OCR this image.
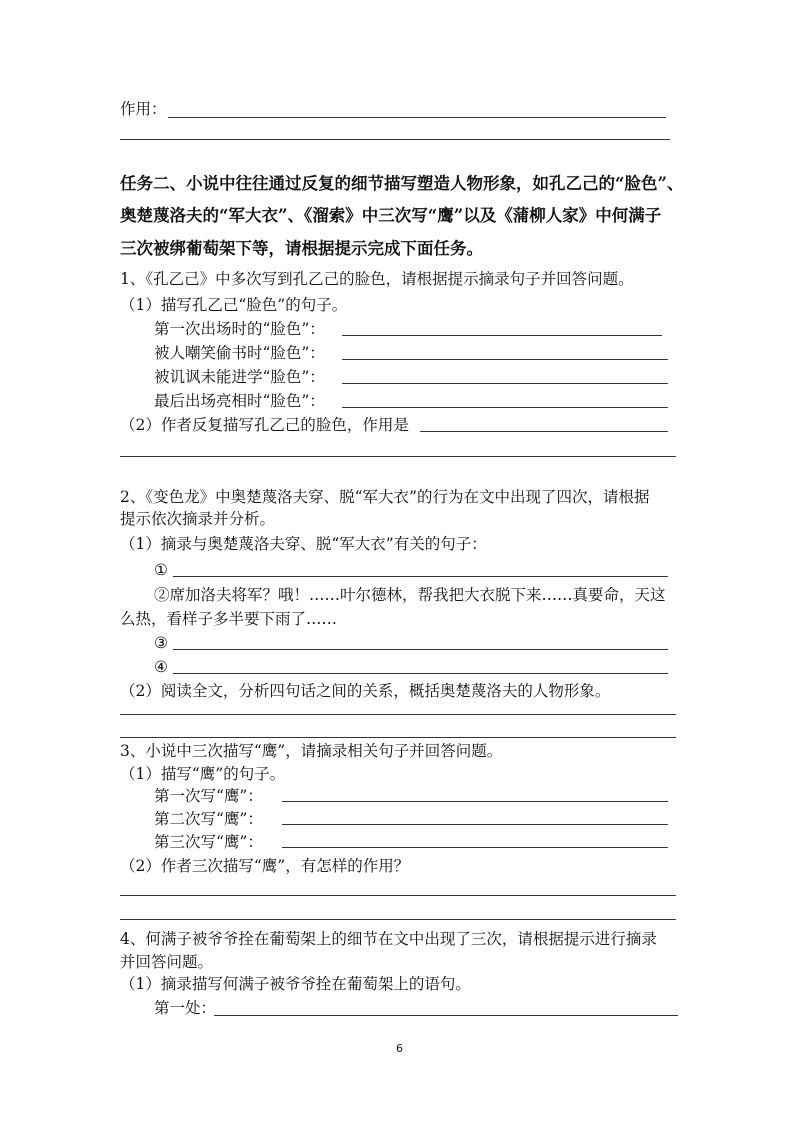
作用：
任务二、小说中往往通过反复的细节描写塑造人物形象，如孔乙己的“脸色”、
奥楚蔑洛夫的“军大衣”、《溜索》中三次写“鹰”以及《蒲柳人家》中何满子
三次被绑葡萄架下等，请根据提示完成下面任务。
1、《孔乙己》中多次写到孔乙己的脸色，请根据提示摘录句子并回答问题。
（1）描写孔乙己“脸色”的句子。
第一次出场时的“脸色”：
被人嘲笑偷书时“脸色”：
被讥讽未能进学“脸色”：
最后出场亮相时“脸色”：
（2）作者反复描写孔乙己的脸色，作用是
2、《变色龙》中奥楚蔑洛夫穿、脱“军大衣”的行为在文中出现了四次，请根据
提示依次摘录并分析。
（1）摘录与奥楚蔑洛夫穿、脱“军大衣”有关的句子：
①
②席加洛夫将军？哦！……叶尔德林，帮我把大衣脱下来……真要命，天这
么热，看样子多半要下雨了……
③
④
（2）阅读全文，分析四句话之间的关系，概括奥楚蔑洛夫的人物形象。
3、小说中三次描写“鹰”，请摘录相关句子并回答问题。
（1）描写“鹰”的句子。
第一次写“鹰”：
第二次写“鹰”：
第三次写“鹰”：
（2）作者三次描写“鹰”，有怎样的作用？
4、何满子被爷爷拴在葡萄架上的细节在文中出现了三次，请根据提示进行摘录
并回答问题。
（1）摘录描写何满子被爷爷拴在葡萄架上的语句。
第一处：
6
